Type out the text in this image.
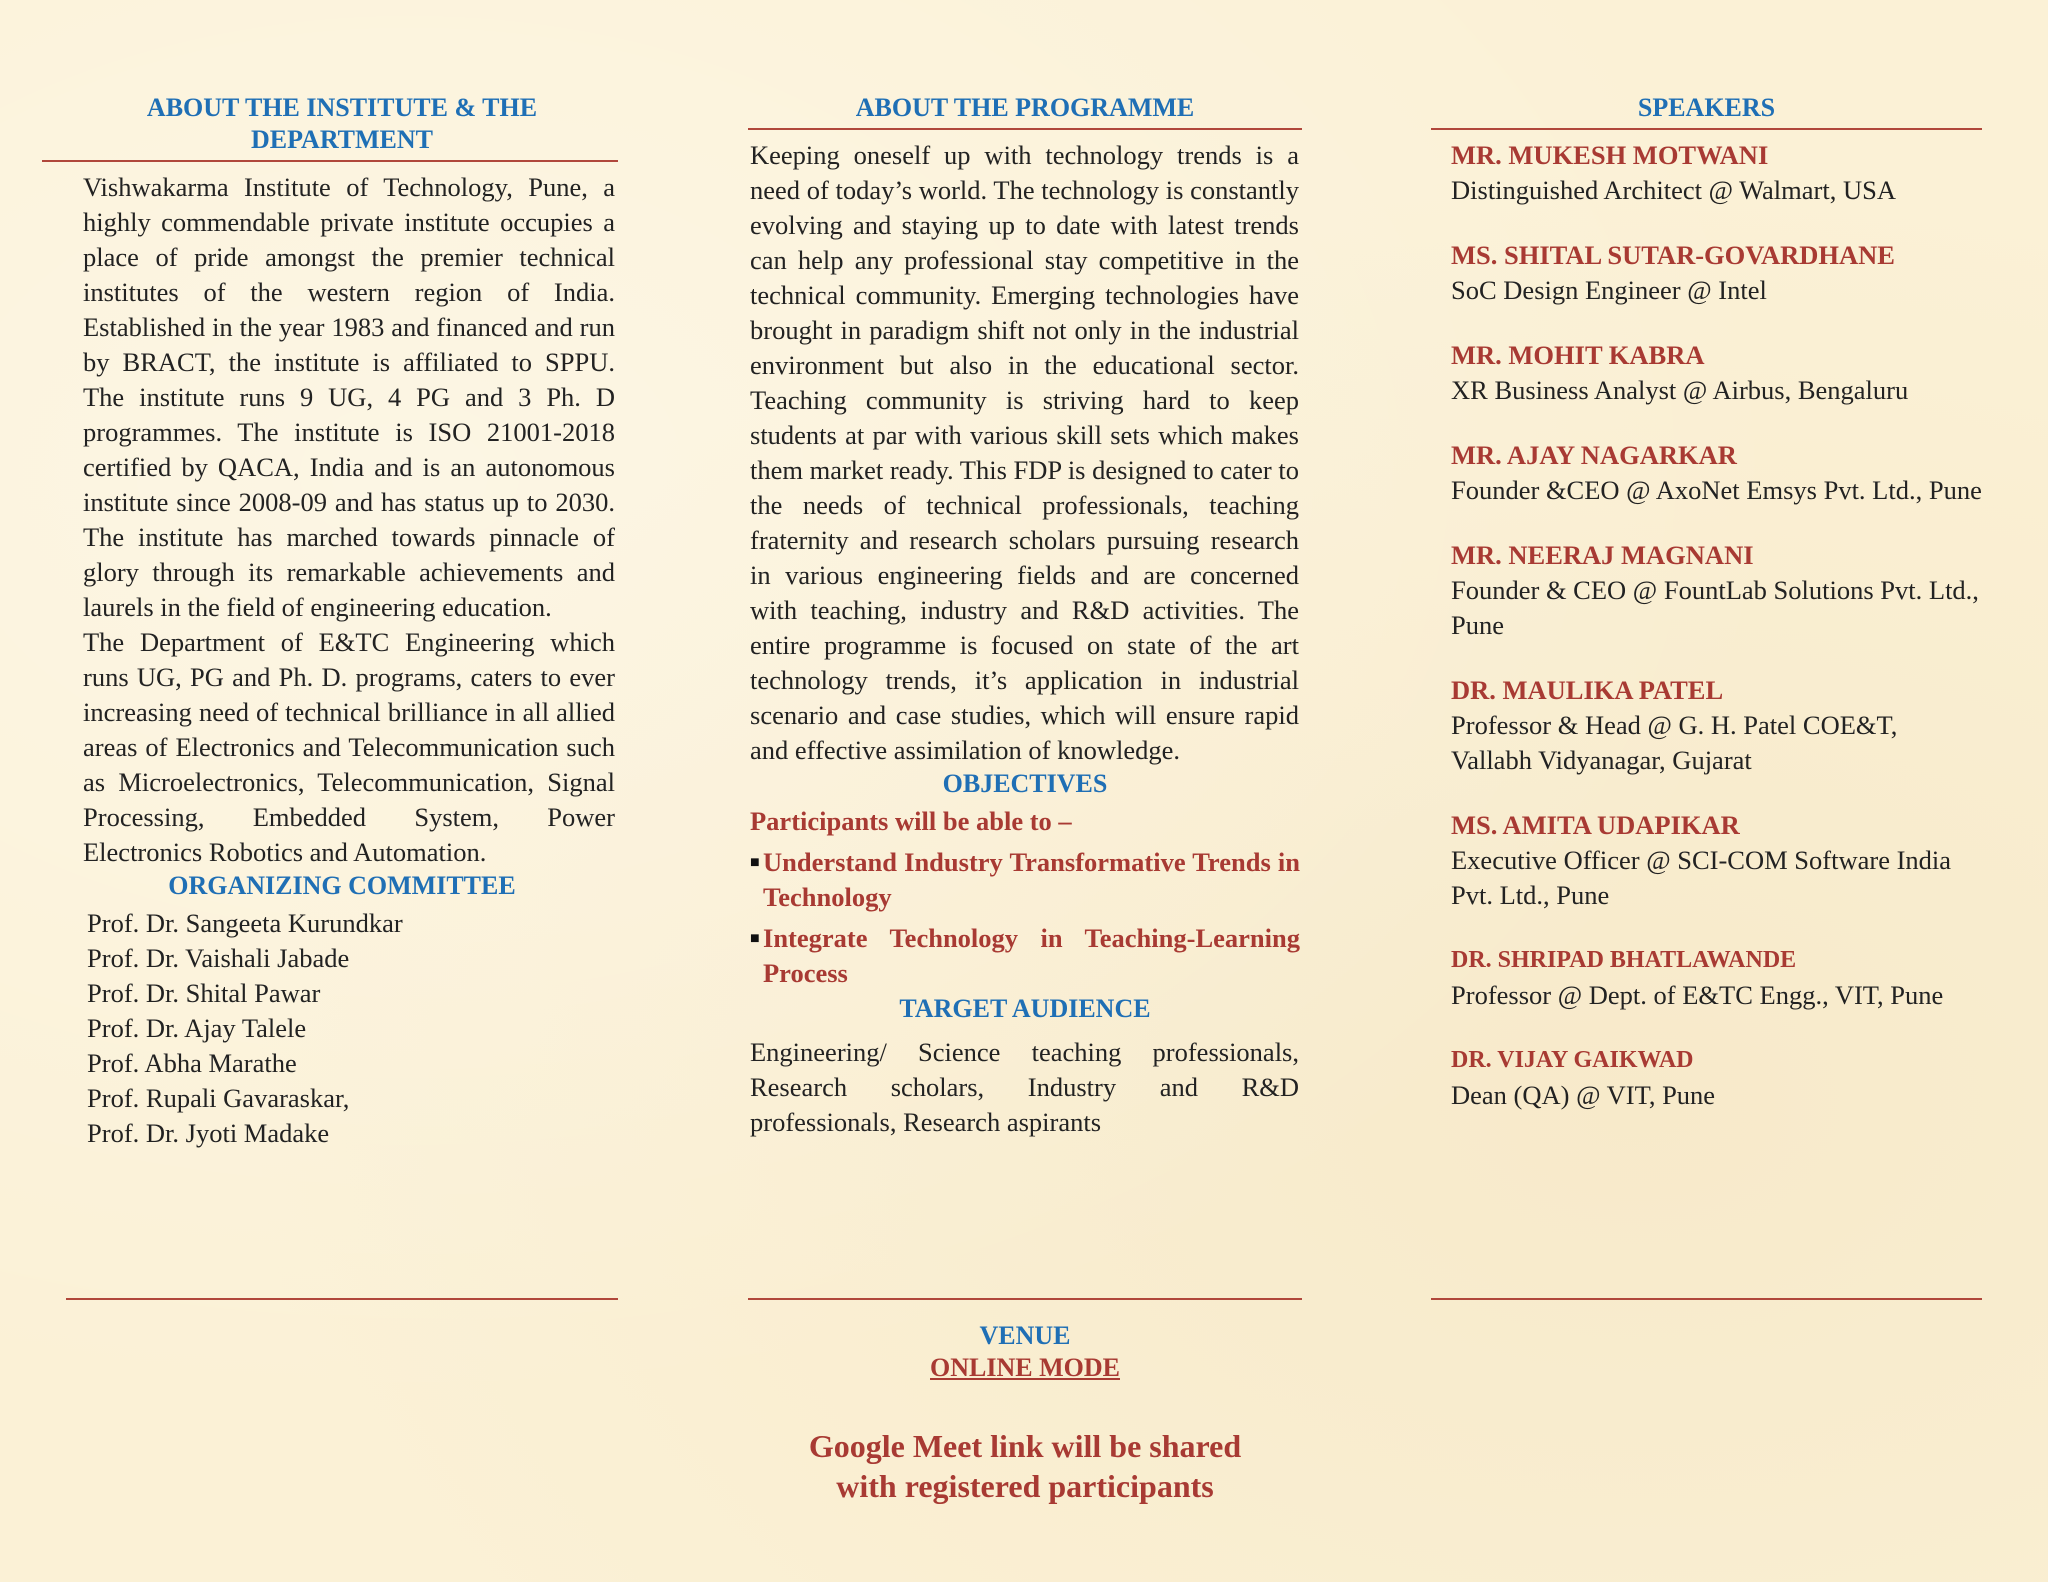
ABOUT THE INSTITUTE & THE DEPARTMENT

Vishwakarma Institute of Technology, Pune, a highly commendable private institute occupies a place of pride amongst the premier technical institutes of the western region of India. Established in the year 1983 and financed and run by BRACT, the institute is affiliated to SPPU. The institute runs 9 UG, 4 PG and 3 Ph. D programmes. The institute is ISO 21001-2018 certified by QACA, India and is an autonomous institute since 2008-09 and has status up to 2030. The institute has marched towards pinnacle of glory through its remarkable achievements and laurels in the field of engineering education.

The Department of E&TC Engineering which runs UG, PG and Ph. D. programs, caters to ever increasing need of technical brilliance in all allied areas of Electronics and Telecommunication such as Microelectronics, Telecommunication, Signal Processing, Embedded System, Power Electronics Robotics and Automation.

ORGANIZING COMMITTEE
Prof. Dr. Sangeeta Kurundkar
Prof. Dr. Vaishali Jabade
Prof. Dr. Shital Pawar
Prof. Dr. Ajay Talele
Prof. Abha Marathe
Prof. Rupali Gavaraskar,
Prof. Dr. Jyoti Madake
ABOUT THE PROGRAMME

Keeping oneself up with technology trends is a need of today’s world. The technology is constantly evolving and staying up to date with latest trends can help any professional stay competitive in the technical community. Emerging technologies have brought in paradigm shift not only in the industrial environment but also in the educational sector. Teaching community is striving hard to keep students at par with various skill sets which makes them market ready. This FDP is designed to cater to the needs of technical professionals, teaching fraternity and research scholars pursuing research in various engineering fields and are concerned with teaching, industry and R&D activities. The entire programme is focused on state of the art technology trends, it’s application in industrial scenario and case studies, which will ensure rapid and effective assimilation of knowledge.

OBJECTIVES
Participants will be able to –
■ Understand Industry Transformative Trends in Technology
■ Integrate Technology in Teaching-Learning Process
TARGET AUDIENCE

Engineering/ Science teaching professionals, Research scholars, Industry and R&D professionals, Research aspirants

SPEAKERS
MR. MUKESH MOTWANI
Distinguished Architect @ Walmart, USA
MS. SHITAL SUTAR-GOVARDHANE
SoC Design Engineer @ Intel
MR. MOHIT KABRA
XR Business Analyst @ Airbus, Bengaluru
MR. AJAY NAGARKAR
Founder &CEO @ AxoNet Emsys Pvt. Ltd., Pune
MR. NEERAJ MAGNANI
Founder & CEO @ FountLab Solutions Pvt. Ltd., Pune
DR. MAULIKA PATEL
Professor & Head @ G. H. Patel COE&T, Vallabh Vidyanagar, Gujarat
MS. AMITA UDAPIKAR
Executive Officer @ SCI-COM Software India Pvt. Ltd., Pune
DR. SHRIPAD BHATLAWANDE
Professor @ Dept. of E&TC Engg., VIT, Pune
DR. VIJAY GAIKWAD
Dean (QA) @ VIT, Pune
VENUE
ONLINE MODE
Google Meet link will be shared
with registered participants
